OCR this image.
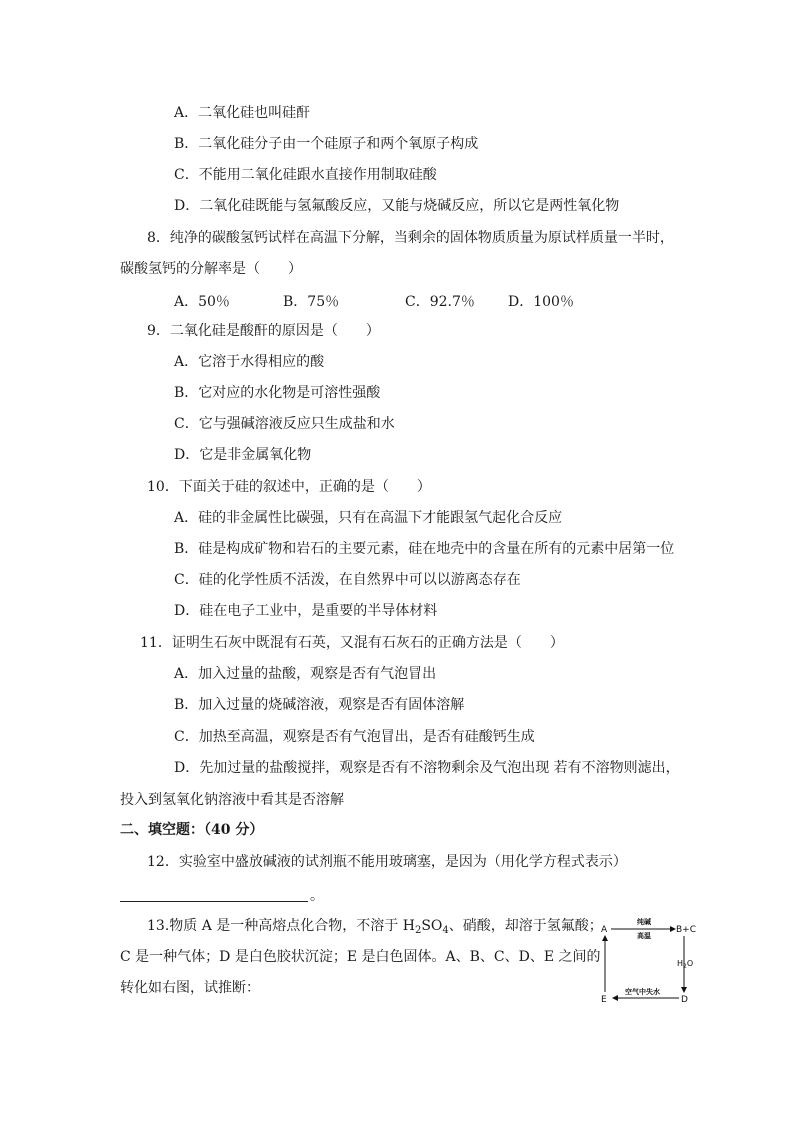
A．二氧化硅也叫硅酐
B．二氧化硅分子由一个硅原子和两个氧原子构成
C．不能用二氧化硅跟水直接作用制取硅酸
D．二氧化硅既能与氢氟酸反应，又能与烧碱反应，所以它是两性氧化物
8．纯净的碳酸氢钙试样在高温下分解，当剩余的固体物质质量为原试样质量一半时，
碳酸氢钙的分解率是（　　）
A．50％	B．75％	C．92.7％ D．100％
9．二氧化硅是酸酐的原因是（　　）
A．它溶于水得相应的酸
B．它对应的水化物是可溶性强酸
C．它与强碱溶液反应只生成盐和水
D．它是非金属氧化物
10．下面关于硅的叙述中，正确的是（　　）
A．硅的非金属性比碳强，只有在高温下才能跟氢气起化合反应
B．硅是构成矿物和岩石的主要元素，硅在地壳中的含量在所有的元素中居第一位
C．硅的化学性质不活泼，在自然界中可以以游离态存在
D．硅在电子工业中，是重要的半导体材料
11．证明生石灰中既混有石英，又混有石灰石的正确方法是（　　）
A．加入过量的盐酸，观察是否有气泡冒出
B．加入过量的烧碱溶液，观察是否有固体溶解
C．加热至高温，观察是否有气泡冒出，是否有硅酸钙生成
D．先加过量的盐酸搅拌，观察是否有不溶物剩余及气泡出现 若有不溶物则滤出，
投入到氢氧化钠溶液中看其是否溶解
二、填空题：（40 分）
12．实验室中盛放碱液的试剂瓶不能用玻璃塞，是因为（用化学方程式表示）
。
13.物质 A 是一种高熔点化合物，不溶于 $H_2SO_4$、硝酸，却溶于氢氟酸；
C 是一种气体；D 是白色胶状沉淀；E 是白色固体。A、B、C、D、E 之间的
转化如右图，试推断：
A	B+C
D
E
纯碱
高温
$H_2O$
空气中失水
